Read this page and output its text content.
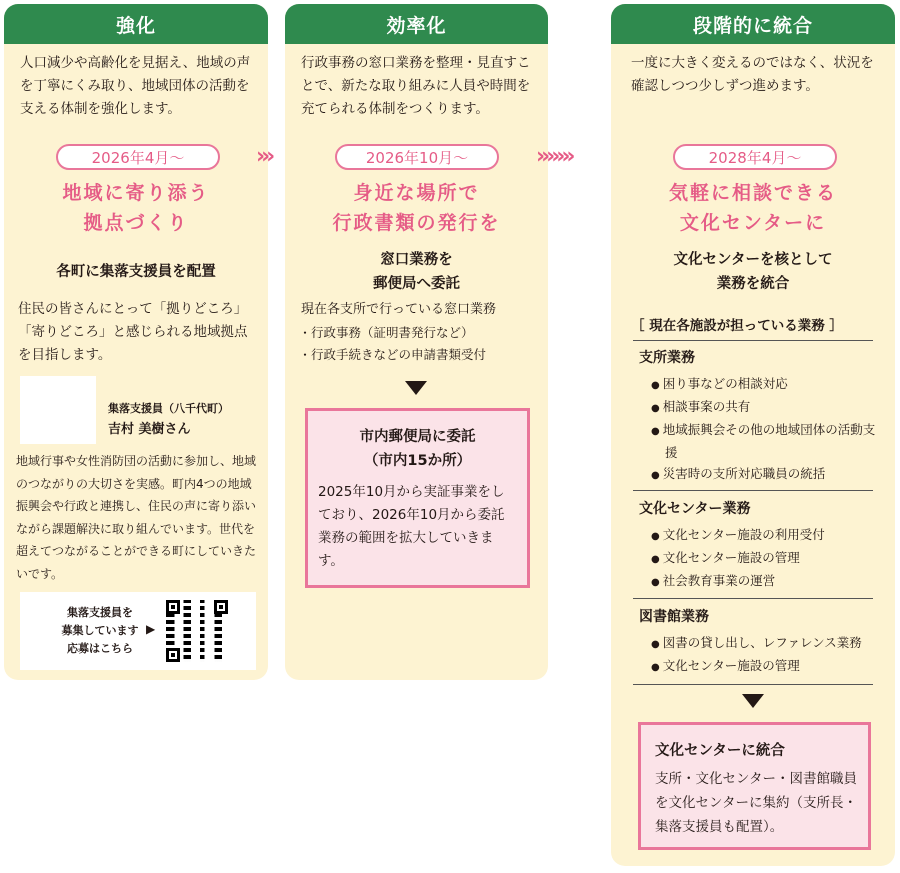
強化
人口減少や高齢化を見据え、地域の声を丁寧にくみ取り、地域団体の活動を支える体制を強化します。
2026年4月～
地域に寄り添う
拠点づくり
各町に集落支援員を配置
住民の皆さんにとって「拠りどころ」「寄りどころ」と感じられる地域拠点を目指します。
集落支援員（八千代町）
吉村 美樹さん
地域行事や女性消防団の活動に参加し、地域のつながりの大切さを実感。町内4つの地域振興会や行政と連携し、住民の声に寄り添いながら課題解決に取り組んでいます。世代を超えてつながることができる町にしていきたいです。
集落支援員を
募集しています
応募はこちら
▶
›››
効率化
行政事務の窓口業務を整理・見直すことで、新たな取り組みに人員や時間を充てられる体制をつくります。
2026年10月～
身近な場所で
行政書類の発行を
窓口業務を
郵便局へ委託
現在各支所で行っている窓口業務
・ 行政事務（証明書発行など）
・ 行政手続きなどの申請書類受付
市内郵便局に委託
（市内15か所）
2025年10月から実証事業をしており、2026年10月から委託業務の範囲を拡大していきます。
›››››››
段階的に統合
一度に大きく変えるのではなく、状況を確認しつつ少しずつ進めます。
2028年4月～
気軽に相談できる
文化センターに
文化センターを核として
業務を統合
［ 現在各施設が担っている業務 ］
支所業務
● 困り事などの相談対応
● 相談事案の共有
● 地域振興会その他の地域団体の活動支援
● 災害時の支所対応職員の統括
文化センター業務
● 文化センター施設の利用受付
● 文化センター施設の管理
● 社会教育事業の運営
図書館業務
● 図書の貸し出し、レファレンス業務
● 文化センター施設の管理
文化センターに統合
支所・文化センター・図書館職員を文化センターに集約（支所長・集落支援員も配置）。
